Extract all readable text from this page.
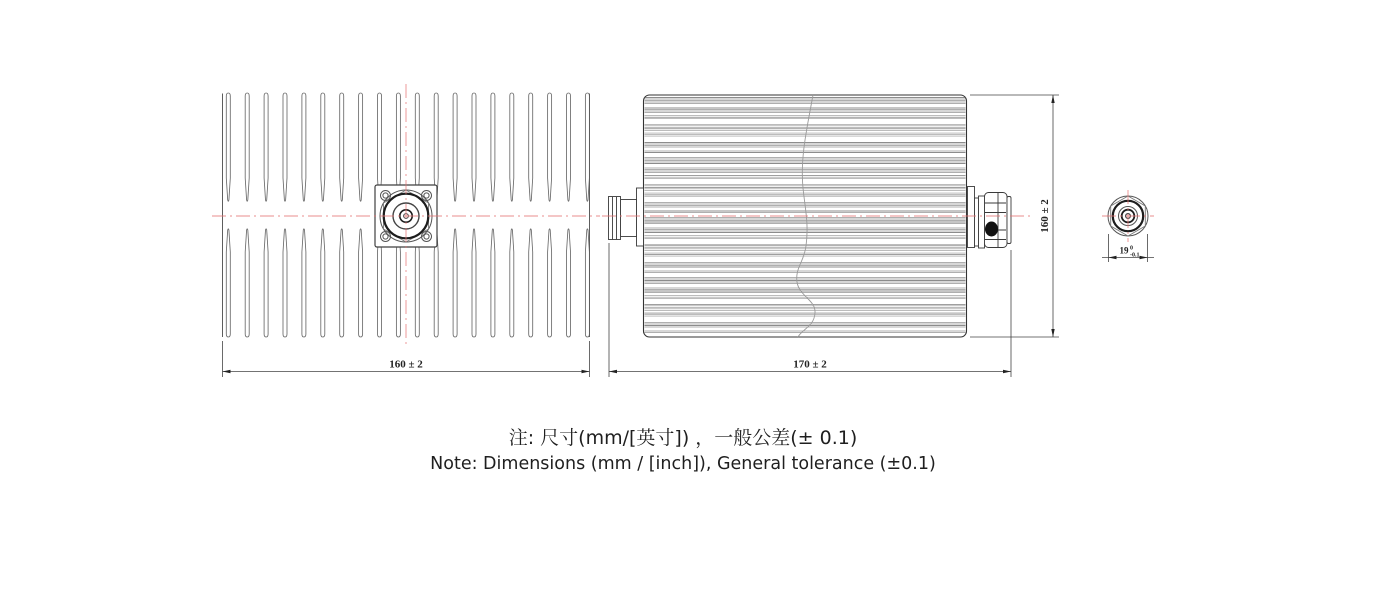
160 ± 2	170 ± 2
160 ± 2
19 0
-0.1
注: 尺寸(mm/[英寸]) ，一般公差(± 0.1)
Note: Dimensions (mm / [inch]), General tolerance (±0.1)
